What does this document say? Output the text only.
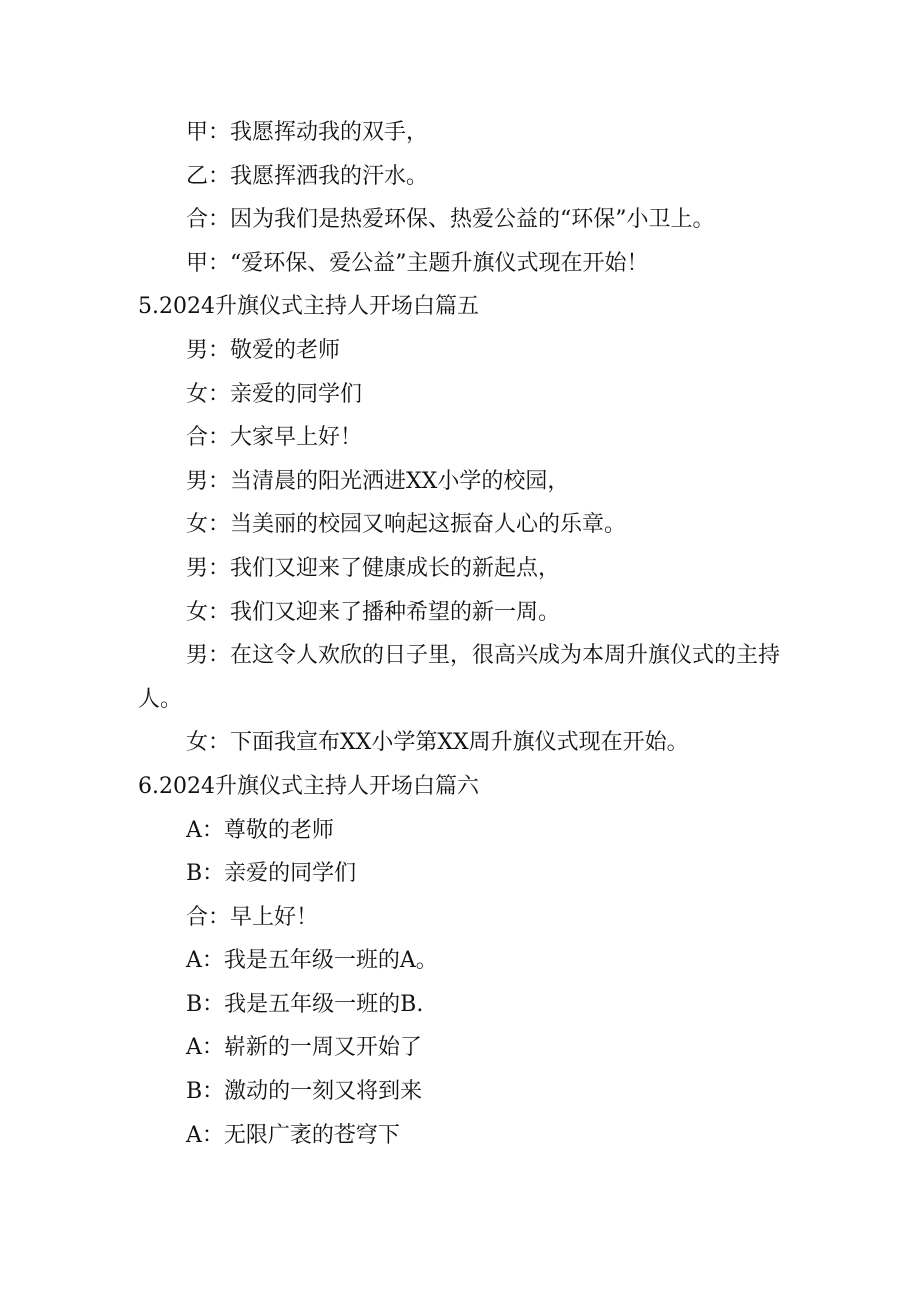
甲：我愿挥动我的双手，

乙：我愿挥洒我的汗水。

合：因为我们是热爱环保、热爱公益的“环保”小卫上。

甲：“爱环保、爱公益”主题升旗仪式现在开始！

5.2024升旗仪式主持人开场白篇五

男：敬爱的老师

女：亲爱的同学们

合：大家早上好！

男：当清晨的阳光洒进XX小学的校园，

女：当美丽的校园又响起这振奋人心的乐章。

男：我们又迎来了健康成长的新起点，

女：我们又迎来了播种希望的新一周。

男：在这令人欢欣的日子里，很高兴成为本周升旗仪式的主持人。

女：下面我宣布XX小学第XX周升旗仪式现在开始。

6.2024升旗仪式主持人开场白篇六

A：尊敬的老师

B：亲爱的同学们

合：早上好！

A：我是五年级一班的A。

B：我是五年级一班的B.

A：崭新的一周又开始了

B：激动的一刻又将到来

A：无限广袤的苍穹下
